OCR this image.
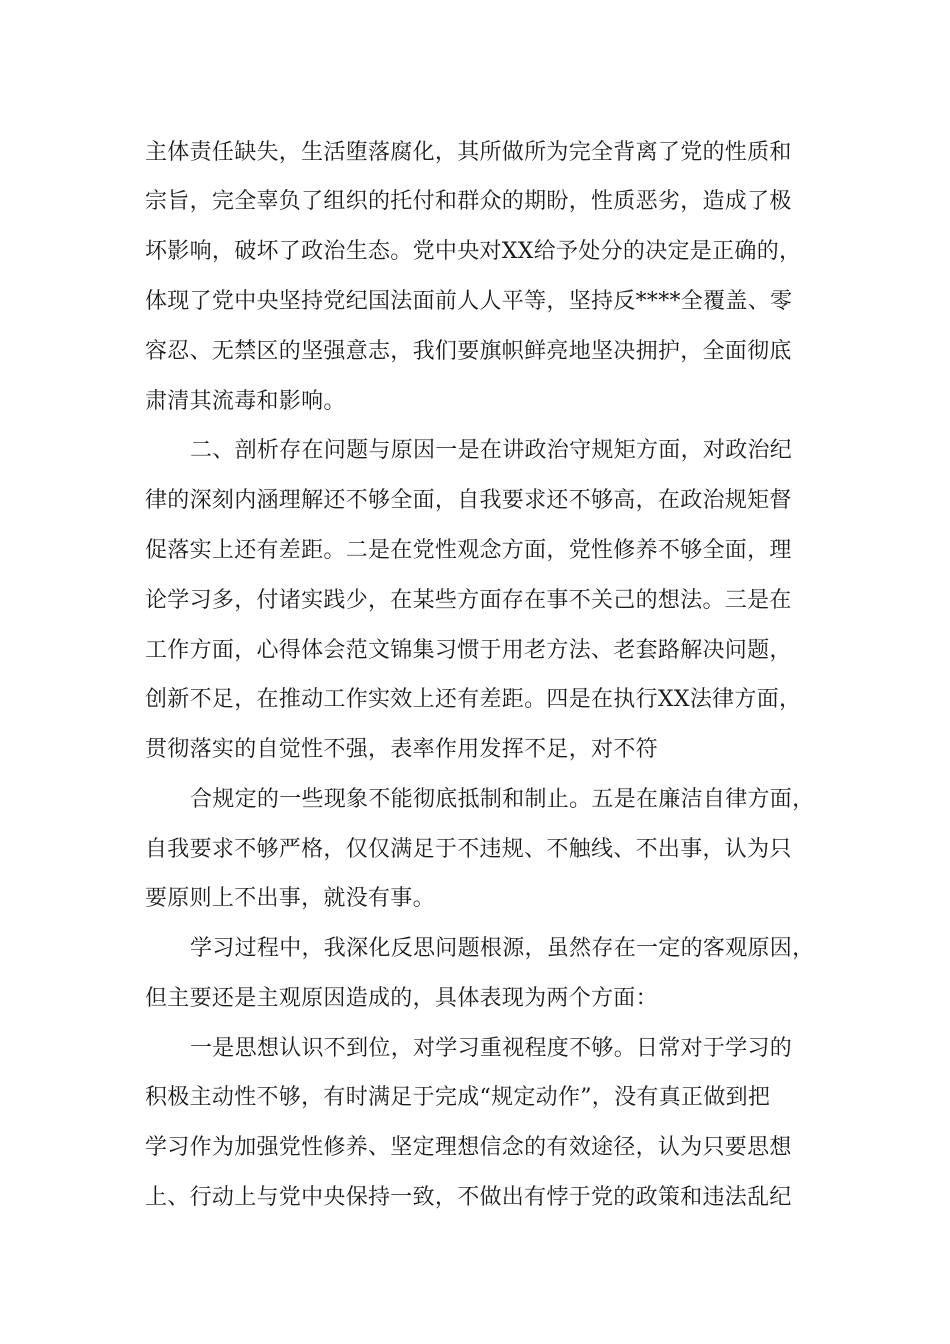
主体责任缺失，生活堕落腐化，其所做所为完全背离了党的性质和
宗旨，完全辜负了组织的托付和群众的期盼，性质恶劣，造成了极
坏影响，破坏了政治生态。党中央对XX给予处分的决定是正确的，
体现了党中央坚持党纪国法面前人人平等，坚持反****全覆盖、零
容忍、无禁区的坚强意志，我们要旗帜鲜亮地坚决拥护，全面彻底
肃清其流毒和影响。
二、剖析存在问题与原因一是在讲政治守规矩方面，对政治纪
律的深刻内涵理解还不够全面，自我要求还不够高，在政治规矩督
促落实上还有差距。二是在党性观念方面，党性修养不够全面，理
论学习多，付诸实践少，在某些方面存在事不关己的想法。三是在
工作方面，心得体会范文锦集习惯于用老方法、老套路解决问题，
创新不足，在推动工作实效上还有差距。四是在执行XX法律方面，
贯彻落实的自觉性不强，表率作用发挥不足，对不符
合规定的一些现象不能彻底抵制和制止。五是在廉洁自律方面，
自我要求不够严格，仅仅满足于不违规、不触线、不出事，认为只
要原则上不出事，就没有事。
学习过程中，我深化反思问题根源，虽然存在一定的客观原因，
但主要还是主观原因造成的，具体表现为两个方面：
一是思想认识不到位，对学习重视程度不够。日常对于学习的
积极主动性不够，有时满足于完成“规定动作”，没有真正做到把
学习作为加强党性修养、坚定理想信念的有效途径，认为只要思想
上、行动上与党中央保持一致，不做出有悖于党的政策和违法乱纪
